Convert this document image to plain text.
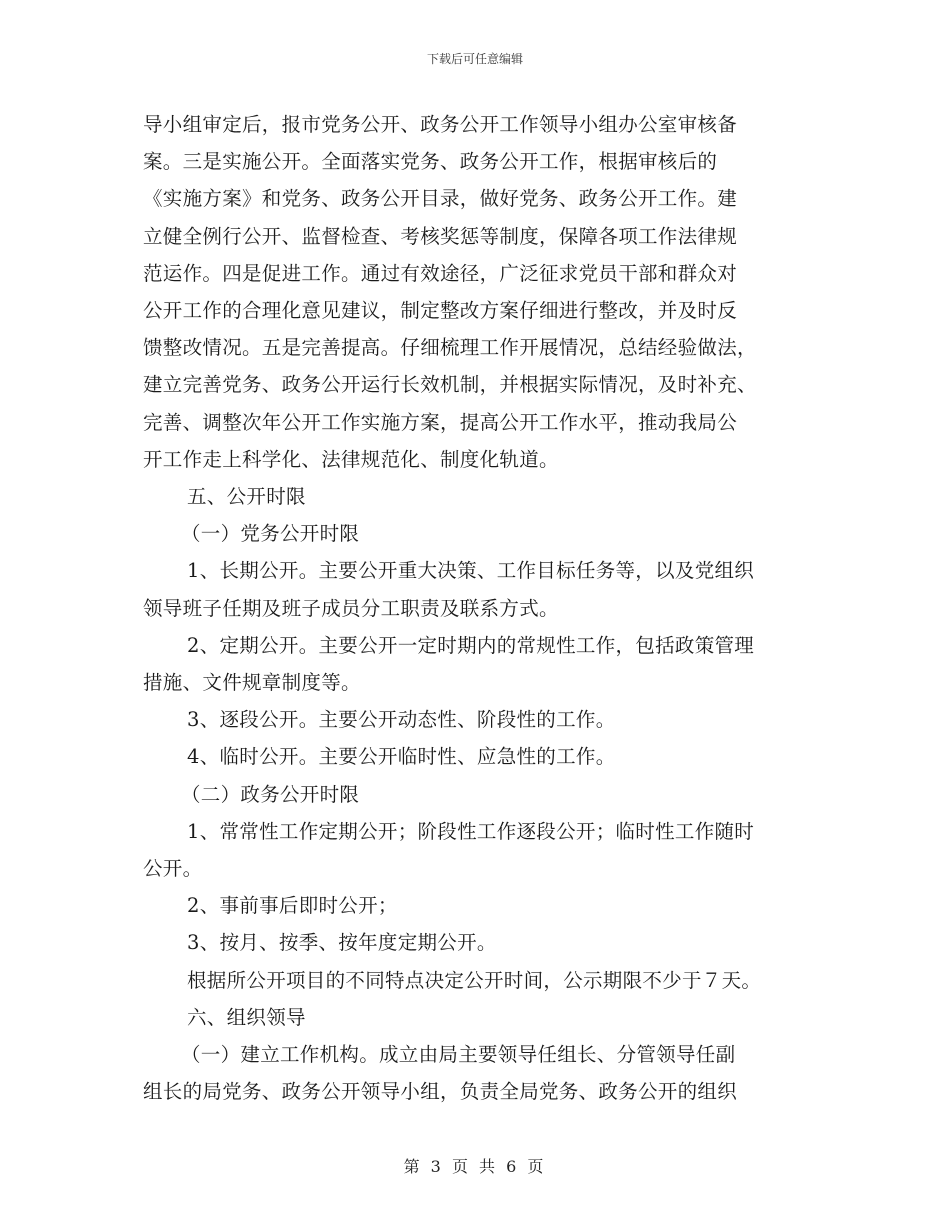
下载后可任意编辑

导小组审定后，报市党务公开、政务公开工作领导小组办公室审核备

案。三是实施公开。全面落实党务、政务公开工作，根据审核后的

《实施方案》和党务、政务公开目录，做好党务、政务公开工作。建

立健全例行公开、监督检查、考核奖惩等制度，保障各项工作法律规

范运作。四是促进工作。通过有效途径，广泛征求党员干部和群众对

公开工作的合理化意见建议，制定整改方案仔细进行整改，并及时反

馈整改情况。五是完善提高。仔细梳理工作开展情况，总结经验做法，

建立完善党务、政务公开运行长效机制，并根据实际情况，及时补充、

完善、调整次年公开工作实施方案，提高公开工作水平，推动我局公

开工作走上科学化、法律规范化、制度化轨道。

五、公开时限

（一）党务公开时限

1、长期公开。主要公开重大决策、工作目标任务等，以及党组织

领导班子任期及班子成员分工职责及联系方式。

2、定期公开。主要公开一定时期内的常规性工作，包括政策管理

措施、文件规章制度等。

3、逐段公开。主要公开动态性、阶段性的工作。

4、临时公开。主要公开临时性、应急性的工作。

（二）政务公开时限

1、常常性工作定期公开；阶段性工作逐段公开；临时性工作随时

公开。

2、事前事后即时公开；

3、按月、按季、按年度定期公开。

根据所公开项目的不同特点决定公开时间，公示期限不少于７天。

六、组织领导

（一）建立工作机构。成立由局主要领导任组长、分管领导任副

组长的局党务、政务公开领导小组，负责全局党务、政务公开的组织

第 3 页 共 6 页
